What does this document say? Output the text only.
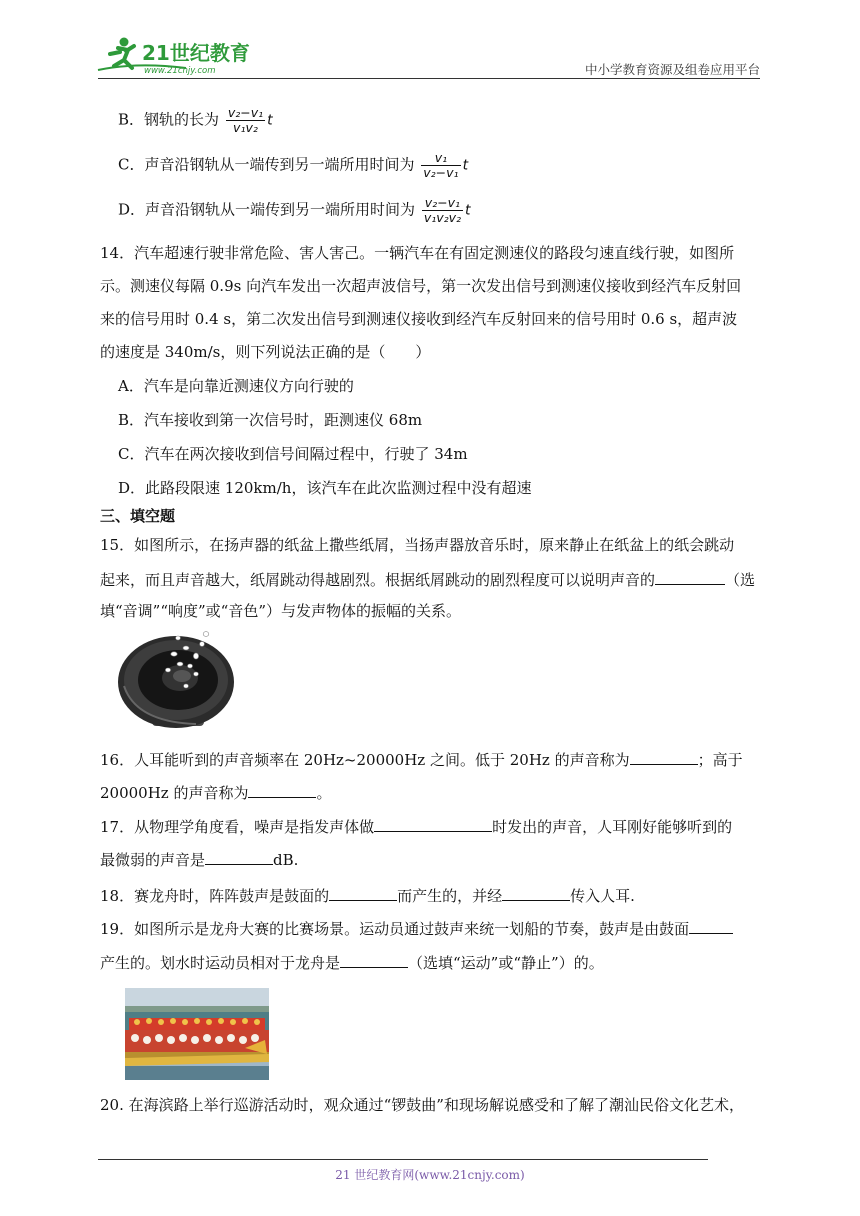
21世纪教育
www.21cnjy.com	中小学教育资源及组卷应用平台
B．钢轨的长为 $\frac{\text{v₂−v₁}}{\text{v₁v₂}}$ t
C．声音沿钢轨从一端传到另一端所用时间为 $\frac{\text{v₁}}{\text{v₂−v₁}}$ t
D．声音沿钢轨从一端传到另一端所用时间为 $\frac{\text{v₂−v₁}}{\text{v₁v₂v₂}}$ t
14．汽车超速行驶非常危险、害人害己。一辆汽车在有固定测速仪的路段匀速直线行驶，如图所
示。测速仪每隔 0.9s 向汽车发出一次超声波信号，第一次发出信号到测速仪接收到经汽车反射回
来的信号用时 0.4 s，第二次发出信号到测速仪接收到经汽车反射回来的信号用时 0.6 s，超声波
的速度是 340m/s，则下列说法正确的是（　　）
A．汽车是向靠近测速仪方向行驶的
B．汽车接收到第一次信号时，距测速仪 68m
C．汽车在两次接收到信号间隔过程中，行驶了 34m
D．此路段限速 120km/h，该汽车在此次监测过程中没有超速
三、填空题
15．如图所示，在扬声器的纸盆上撒些纸屑，当扬声器放音乐时，原来静止在纸盆上的纸会跳动
起来，而且声音越大，纸屑跳动得越剧烈。根据纸屑跳动的剧烈程度可以说明声音的	（选
填“音调”“响度”或“音色”）与发声物体的振幅的关系。
16．人耳能听到的声音频率在 20Hz~20000Hz 之间。低于 20Hz 的声音称为	；高于
20000Hz 的声音称为	。
17．从物理学角度看，噪声是指发声体做	时发出的声音，人耳刚好能够听到的
最微弱的声音是	dB.
18．赛龙舟时，阵阵鼓声是鼓面的	而产生的，并经	传入人耳.
19．如图所示是龙舟大赛的比赛场景。运动员通过鼓声来统一划船的节奏，鼓声是由鼓面
产生的。划水时运动员相对于龙舟是	（选填“运动”或“静止”）的。
20. 在海滨路上举行巡游活动时，观众通过“锣鼓曲”和现场解说感受和了解了潮汕民俗文化艺术，
21 世纪教育网(www.21cnjy.com)
